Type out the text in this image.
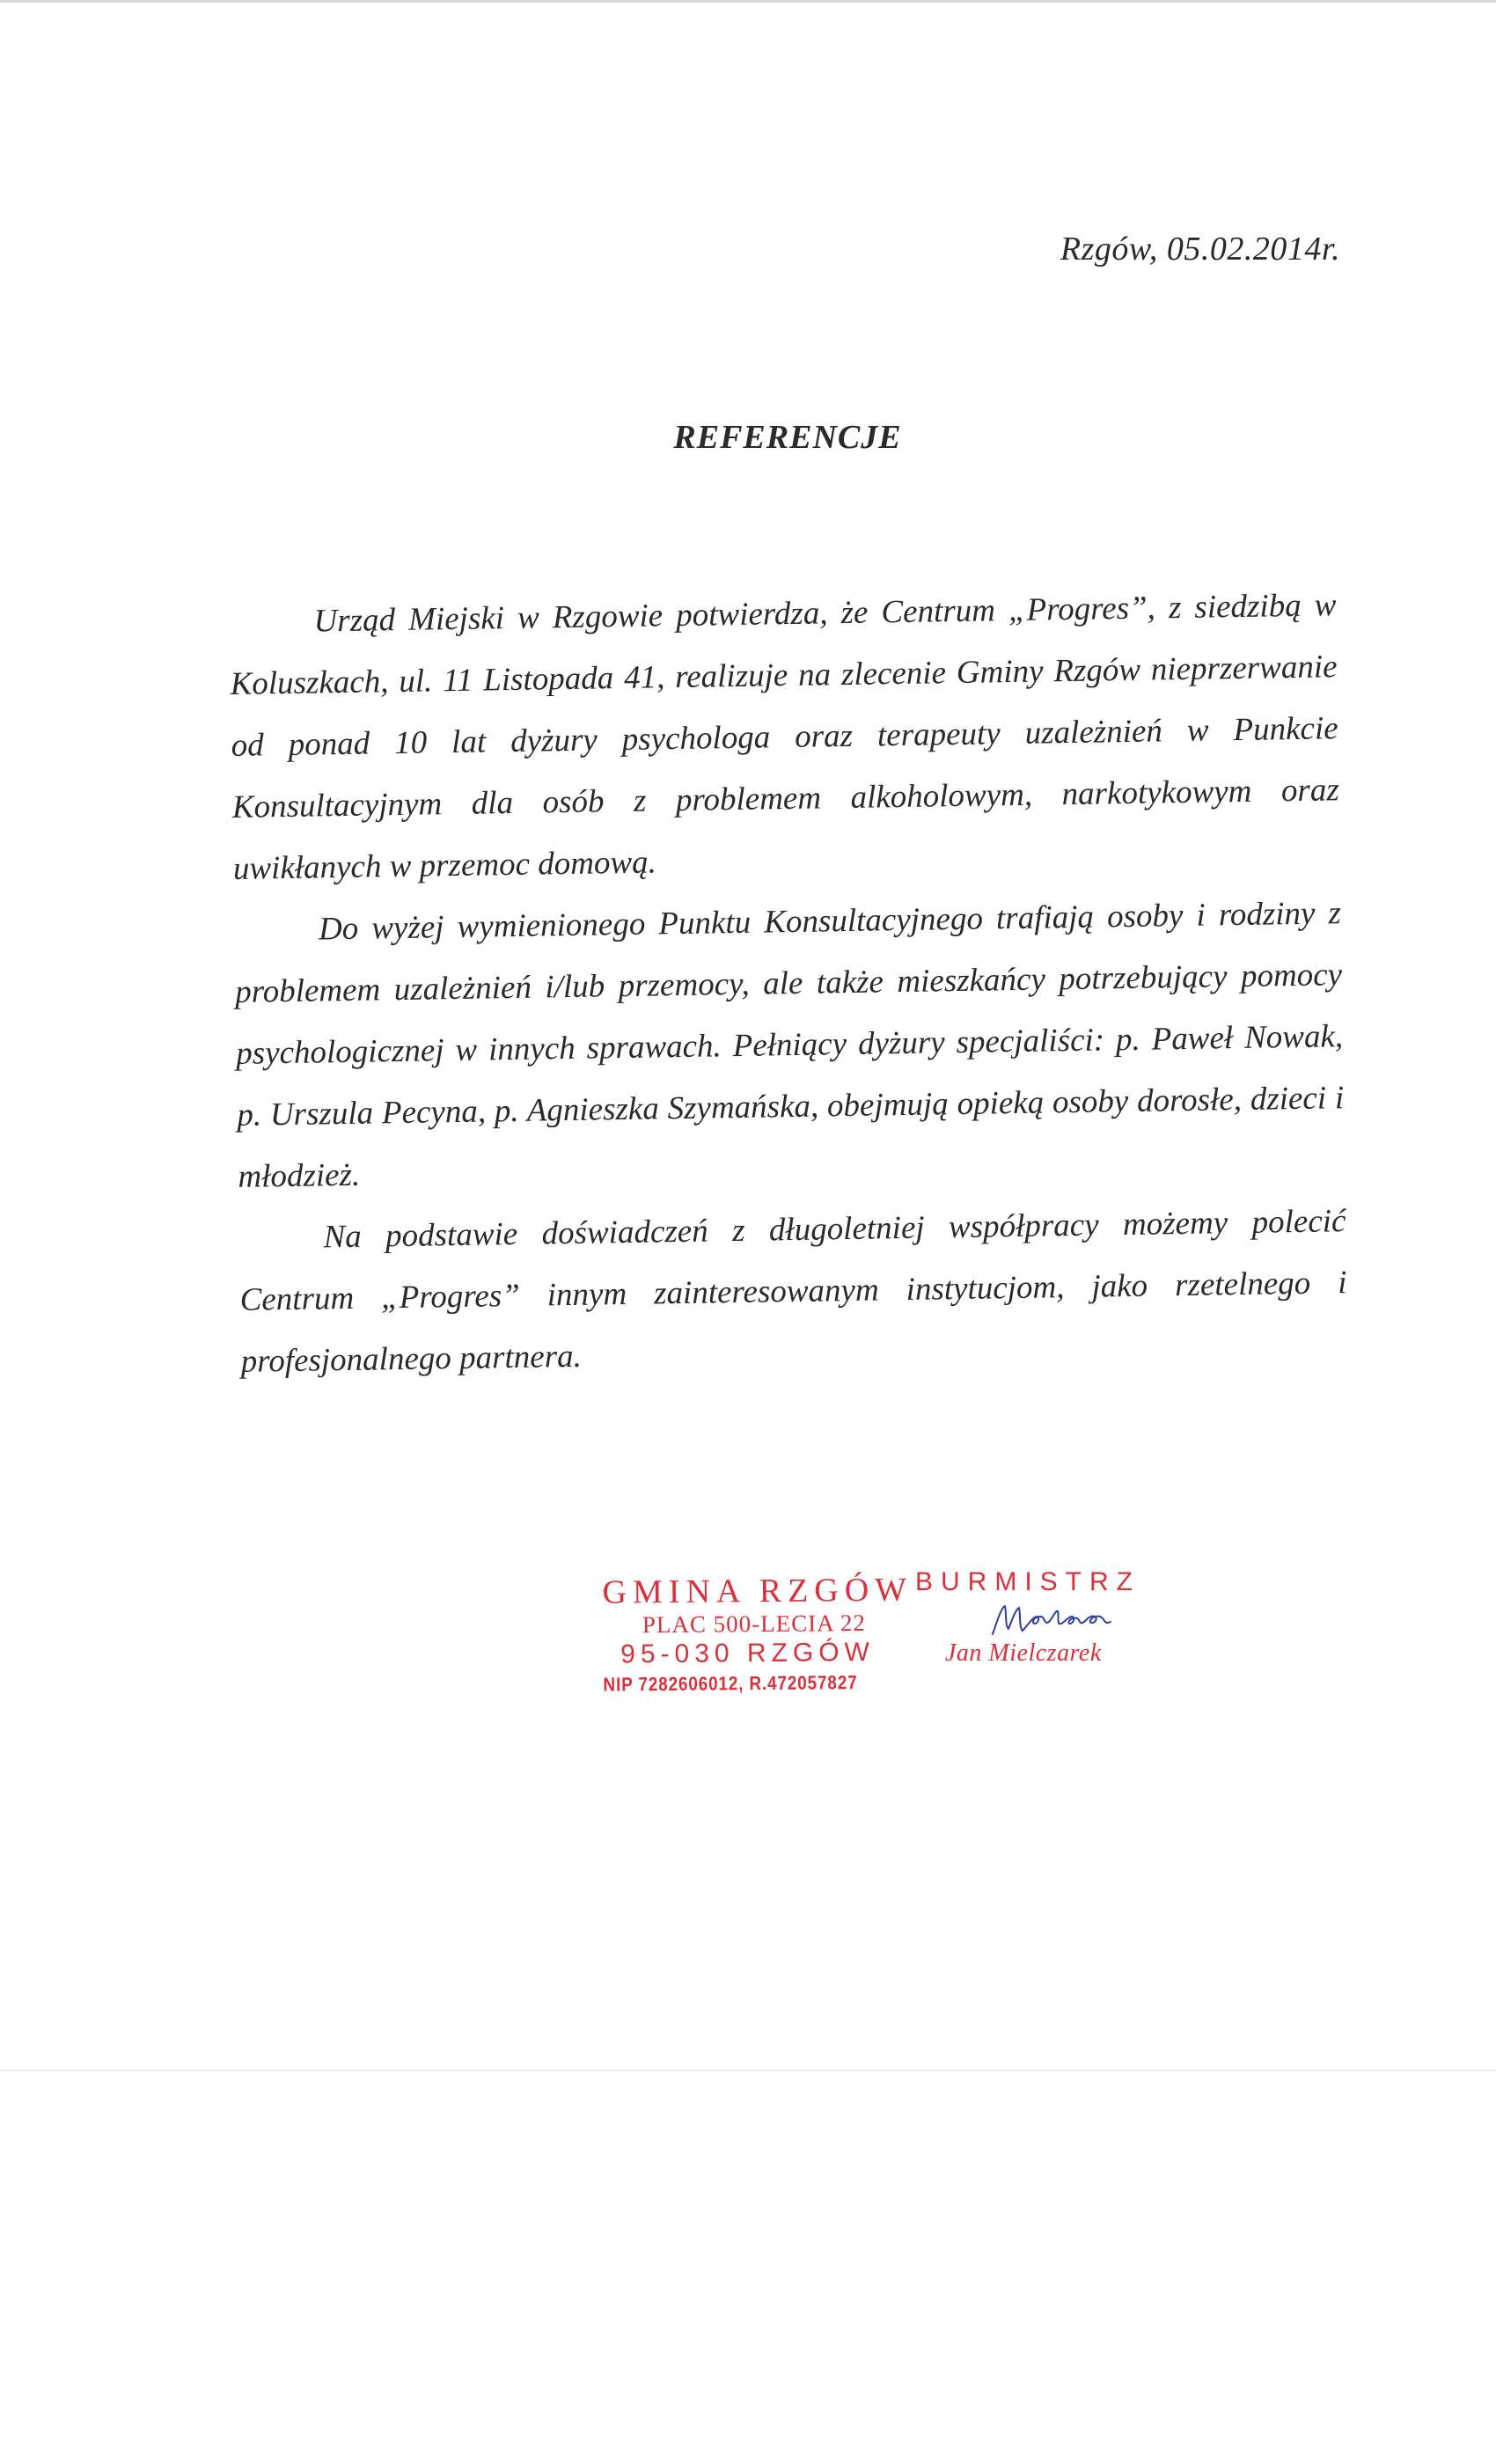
Rzgów, 05.02.2014r.
REFERENCJE

Urząd Miejski w Rzgowie potwierdza, że Centrum „Progres”, z siedzibą w Koluszkach, ul. 11 Listopada 41, realizuje na zlecenie Gminy Rzgów nieprzerwanie od ponad 10 lat dyżury psychologa oraz terapeuty uzależnień w Punkcie Konsultacyjnym dla osób z problemem alkoholowym, narkotykowym oraz uwikłanych w przemoc domową.

Do wyżej wymienionego Punktu Konsultacyjnego trafiają osoby i rodziny z problemem uzależnień i/lub przemocy, ale także mieszkańcy potrzebujący pomocy psychologicznej w innych sprawach. Pełniący dyżury specjaliści: p. Paweł Nowak, p. Urszula Pecyna, p. Agnieszka Szymańska, obejmują opieką osoby dorosłe, dzieci i młodzież.

Na podstawie doświadczeń z długoletniej współpracy możemy polecić Centrum „Progres” innym zainteresowanym instytucjom, jako rzetelnego i profesjonalnego partnera.

GMINA RZGÓW
PLAC 500-LECIA 22
95-030 RZGÓW
NIP 7282606012, R.472057827
BURMISTRZ
Jan Mielczarek
